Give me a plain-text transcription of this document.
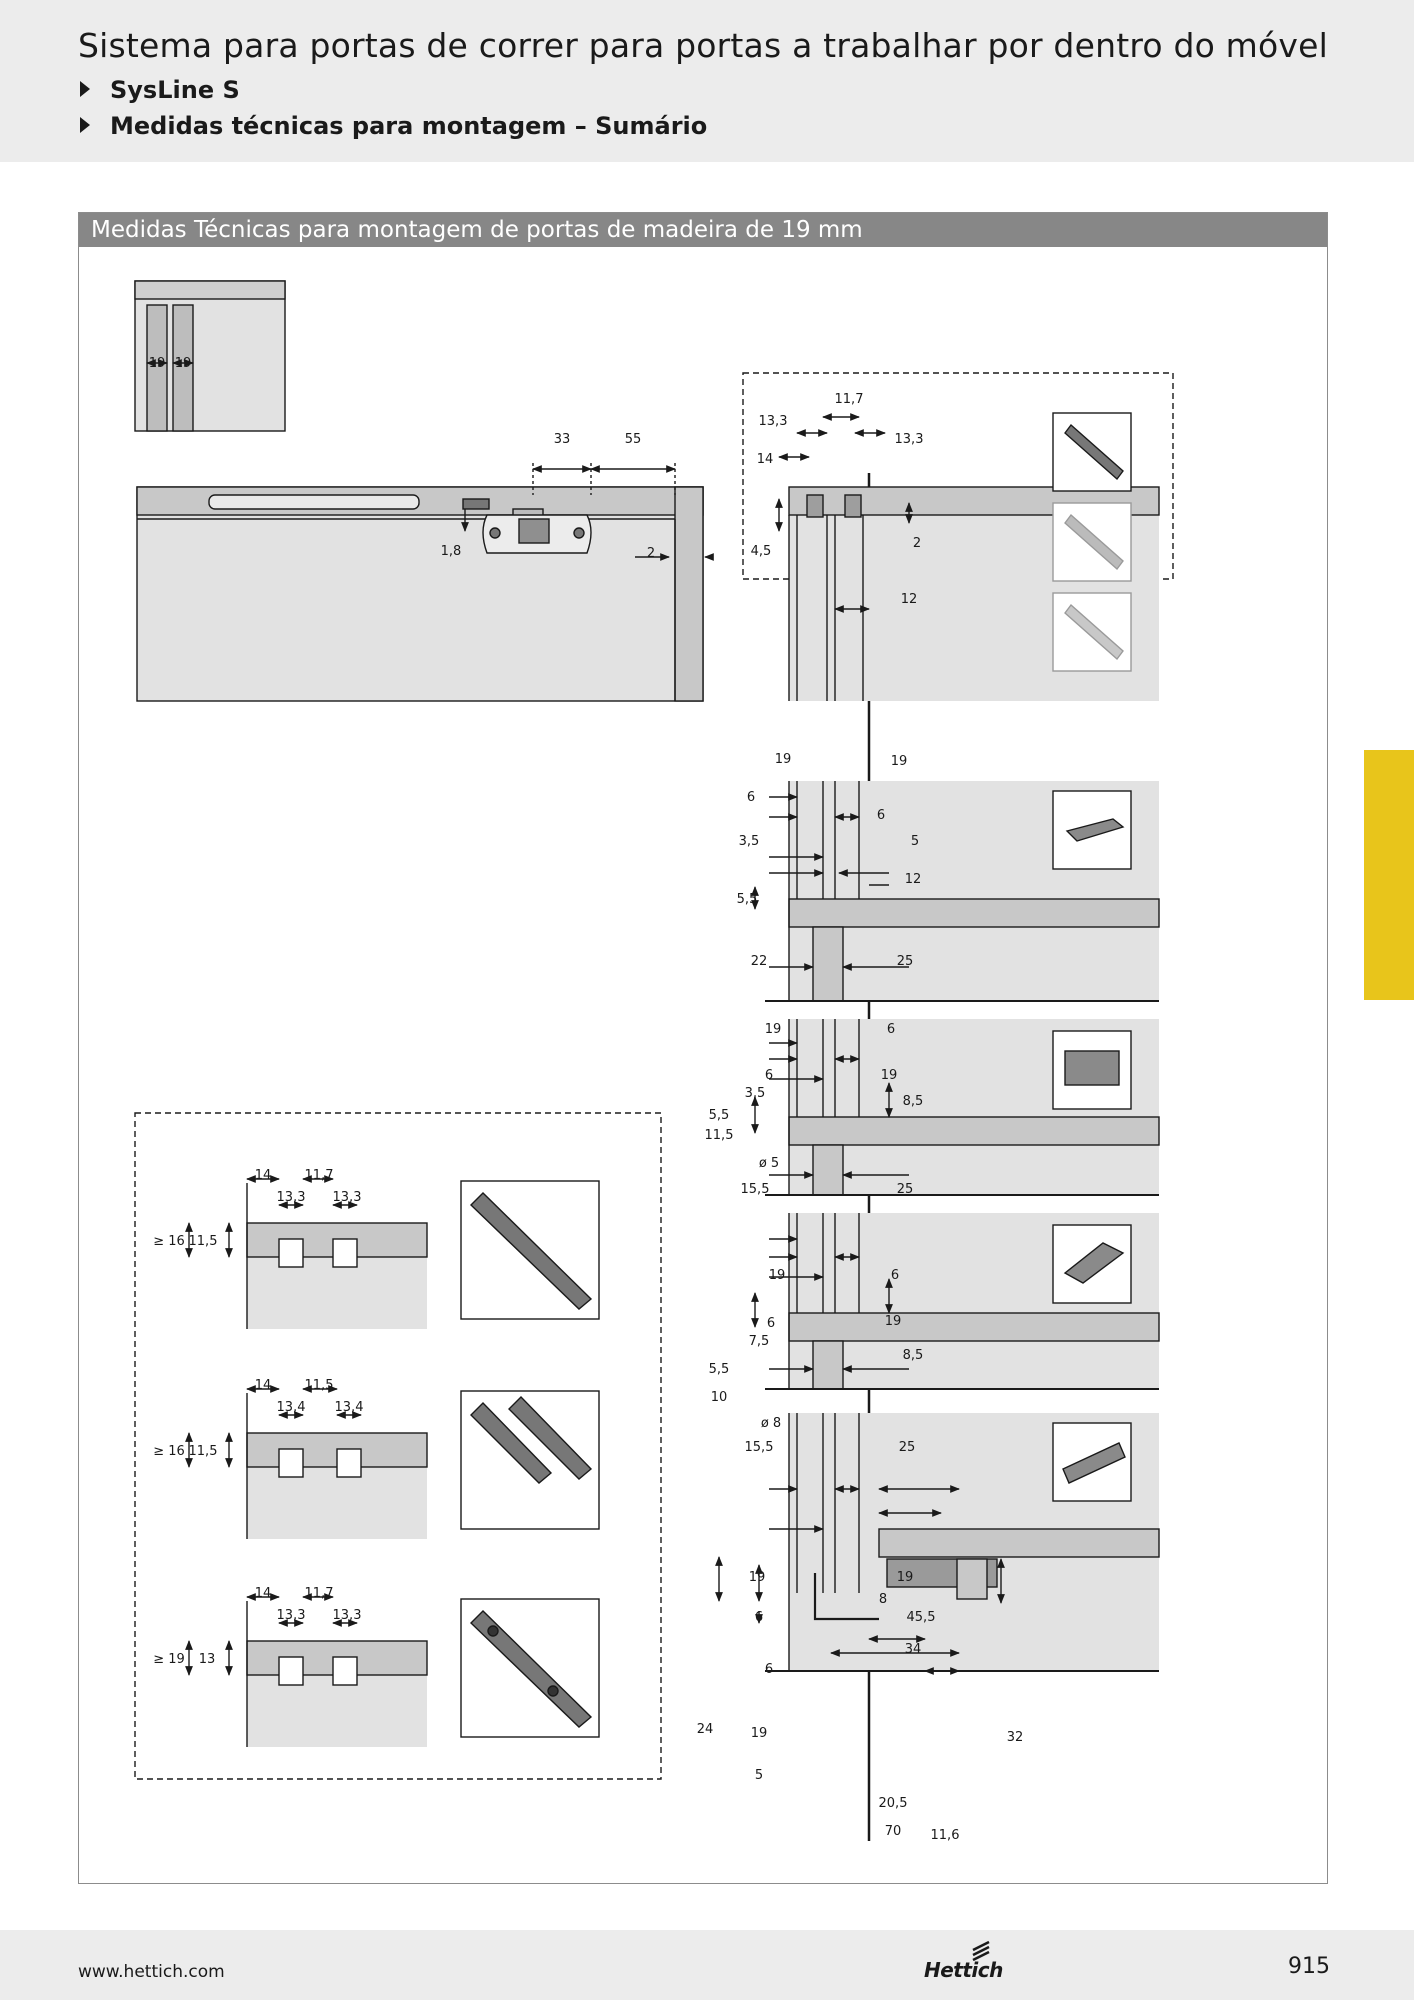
Sistema para portas de correr para portas a trabalhar por dentro do móvel
SysLine S
Medidas técnicas para montagem – Sumário
Medidas Técnicas para montagem de portas de madeira de 19 mm
19 19
33	55
1,8	2
11,7
13,3
13,3
14
4,5
2
12
19	19
6
6
3,5	5
12
5,5
22	25
19	6
6	19
3,5
8,5
5,5
11,5
ø 5
15,5	25
19	6
6	19
7,5
8,5
5,5
10
ø 8
15,5	25
19	19
8
6	45,5
6
34
24	19	32
5
20,5
70 11,6
14	11,7
13,3 13,3
≥ 16 11,5
14	11,5
13,4 13,4
≥ 16 11,5
14	11,7
13,3 13,3
≥ 19 13
www.hettich.com	Hettich	915
